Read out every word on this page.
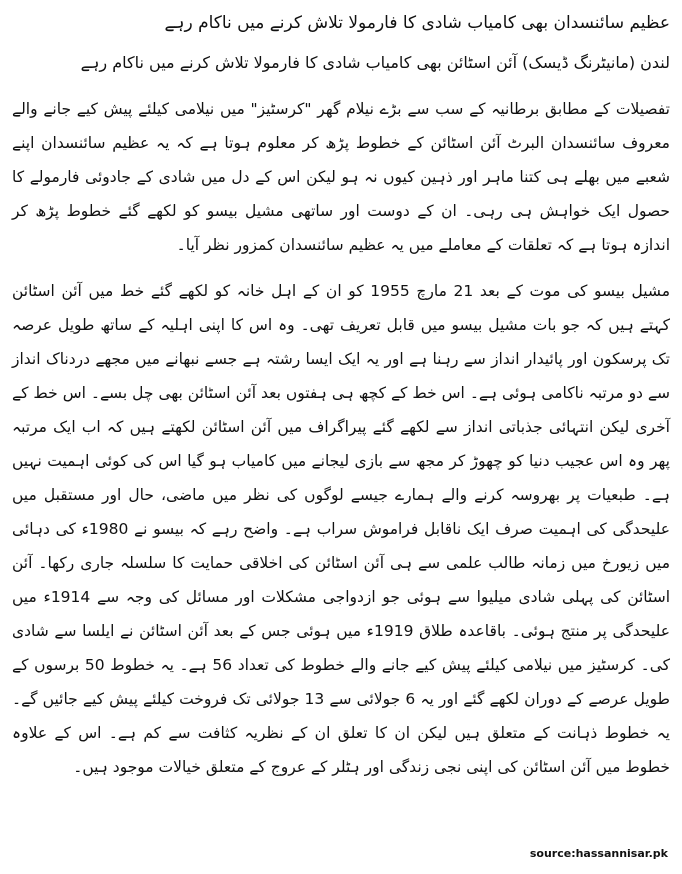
عظیم سائنسدان بھی کامیاب شادی کا فارمولا تلاش کرنے میں ناکام رہے
لندن (مانیٹرنگ ڈیسک) آئن اسٹائن بھی کامیاب شادی کا فارمولا تلاش کرنے میں ناکام رہے

تفصیلات کے مطابق برطانیہ کے سب سے بڑے نیلام گھر "کرسٹیز" میں نیلامی کیلئے پیش کیے جانے والے معروف سائنسدان البرٹ آئن اسٹائن کے خطوط پڑھ کر معلوم ہوتا ہے کہ یہ عظیم سائنسدان اپنے شعبے میں بھلے ہی کتنا ماہر اور ذہین کیوں نہ ہو لیکن اس کے دل میں شادی کے جادوئی فارمولے کا حصول ایک خواہش ہی رہی۔ ان کے دوست اور ساتھی مشیل بیسو کو لکھے گئے خطوط پڑھ کر اندازہ ہوتا ہے کہ تعلقات کے معاملے میں یہ عظیم سائنسدان کمزور نظر آیا۔

مشیل بیسو کی موت کے بعد 21 مارچ 1955 کو ان کے اہل خانہ کو لکھے گئے خط میں آئن اسٹائن کہتے ہیں کہ جو بات مشیل بیسو میں قابل تعریف تھی۔ وہ اس کا اپنی اہلیہ کے ساتھ طویل عرصہ تک پرسکون اور پائیدار انداز سے رہنا ہے اور یہ ایک ایسا رشتہ ہے جسے نبھانے میں مجھے دردناک انداز سے دو مرتبہ ناکامی ہوئی ہے۔ اس خط کے کچھ ہی ہفتوں بعد آئن اسٹائن بھی چل بسے۔ اس خط کے آخری لیکن انتہائی جذباتی انداز سے لکھے گئے پیراگراف میں آئن اسٹائن لکھتے ہیں کہ اب ایک مرتبہ پھر وہ اس عجیب دنیا کو چھوڑ کر مجھ سے بازی لیجانے میں کامیاب ہو گیا اس کی کوئی اہمیت نہیں ہے۔ طبعیات پر بھروسہ کرنے والے ہمارے جیسے لوگوں کی نظر میں ماضی، حال اور مستقبل میں علیحدگی کی اہمیت صرف ایک ناقابل فراموش سراب ہے۔ واضح رہے کہ بیسو نے 1980ء کی دہائی میں زیورخ میں زمانہ طالب علمی سے ہی آئن اسٹائن کی اخلاقی حمایت کا سلسلہ جاری رکھا۔ آئن اسٹائن کی پہلی شادی میلیوا سے ہوئی جو ازدواجی مشکلات اور مسائل کی وجہ سے 1914ء میں علیحدگی پر منتج ہوئی۔ باقاعدہ طلاق 1919ء میں ہوئی جس کے بعد آئن اسٹائن نے ایلسا سے شادی کی۔ کرسٹیز میں نیلامی کیلئے پیش کیے جانے والے خطوط کی تعداد 56 ہے۔ یہ خطوط 50 برسوں کے طویل عرصے کے دوران لکھے گئے اور یہ 6 جولائی سے 13 جولائی تک فروخت کیلئے پیش کیے جائیں گے۔ یہ خطوط ذہانت کے متعلق ہیں لیکن ان کا تعلق ان کے نظریہ کثافت سے کم ہے۔ اس کے علاوہ خطوط میں آئن اسٹائن کی اپنی نجی زندگی اور ہٹلر کے عروج کے متعلق خیالات موجود ہیں۔

source:hassannisar.pk
